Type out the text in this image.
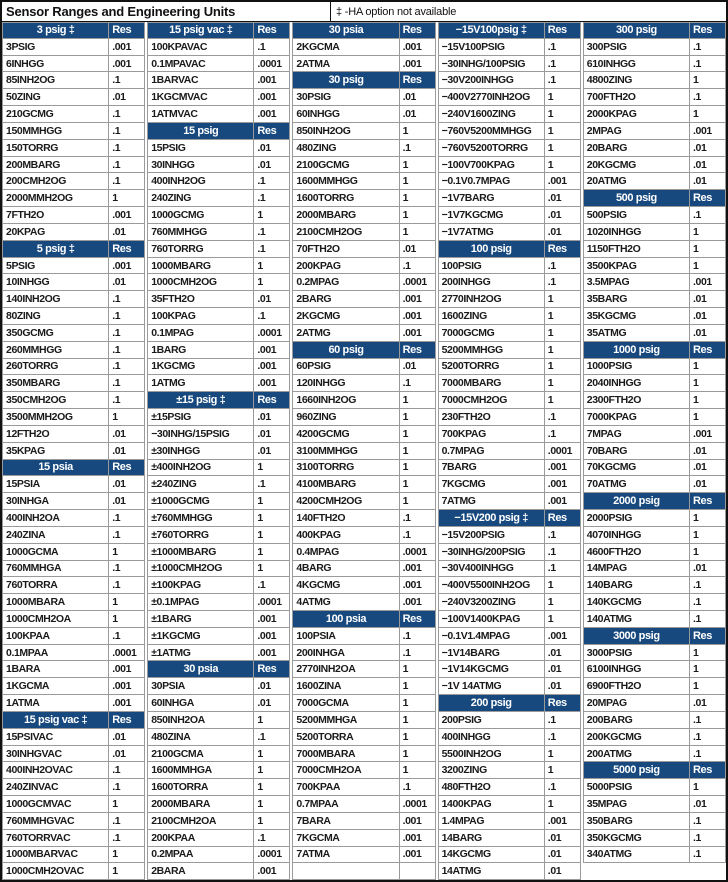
Sensor Ranges and Engineering Units	‡ -HA option not available
3 psig ‡	Res
3PSIG	.001
6INHGG	.001
85INH2OG	.1
50ZING	.01
210GCMG	.1
150MMHGG	.1
150TORRG	.1
200MBARG	.1
200CMH2OG	.1
2000MMH2OG	1
7FTH2O	.001
20KPAG	.01
5 psig ‡	Res
5PSIG	.001
10INHGG	.01
140INH2OG	.1
80ZING	.1
350GCMG	.1
260MMHGG	.1
260TORRG	.1
350MBARG	.1
350CMH2OG	.1
3500MMH2OG	1
12FTH2O	.01
35KPAG	.01
15 psia	Res
15PSIA	.01
30INHGA	.01
400INH2OA	.1
240ZINA	.1
1000GCMA	1
760MMHGA	.1
760TORRA	.1
1000MBARA	1
1000CMH2OA	1
100KPAA	.1
0.1MPAA	.0001
1BARA	.001
1KGCMA	.001
1ATMA	.001
15 psig vac ‡	Res
15PSIVAC	.01
30INHGVAC	.01
400INH2OVAC	.1
240ZINVAC	.1
1000GCMVAC	1
760MMHGVAC	.1
760TORRVAC	.1
1000MBARVAC	1
1000CMH2OVAC	1
15 psig vac ‡	Res
100KPAVAC	.1
0.1MPAVAC	.0001
1BARVAC	.001
1KGCMVAC	.001
1ATMVAC	.001
15 psig	Res
15PSIG	.01
30INHGG	.01
400INH2OG	.1
240ZING	.1
1000GCMG	1
760MMHGG	.1
760TORRG	.1
1000MBARG	1
1000CMH2OG	1
35FTH2O	.01
100KPAG	.1
0.1MPAG	.0001
1BARG	.001
1KGCMG	.001
1ATMG	.001
±15 psig ‡	Res
±15PSIG	.01
−30INHG/15PSIG	.01
±30INHGG	.01
±400INH2OG	1
±240ZING	.1
±1000GCMG	1
±760MMHGG	1
±760TORRG	1
±1000MBARG	1
±1000CMH2OG	1
±100KPAG	.1
±0.1MPAG	.0001
±1BARG	.001
±1KGCMG	.001
±1ATMG	.001
30 psia	Res
30PSIA	.01
60INHGA	.01
850INH2OA	1
480ZINA	.1
2100GCMA	1
1600MMHGA	1
1600TORRA	1
2000MBARA	1
2100CMH2OA	1
200KPAA	.1
0.2MPAA	.0001
2BARA	.001
30 psia	Res
2KGCMA	.001
2ATMA	.001
30 psig	Res
30PSIG	.01
60INHGG	.01
850INH2OG	1
480ZING	.1
2100GCMG	1
1600MMHGG	1
1600TORRG	1
2000MBARG	1
2100CMH2OG	1
70FTH2O	.01
200KPAG	.1
0.2MPAG	.0001
2BARG	.001
2KGCMG	.001
2ATMG	.001
60 psig	Res
60PSIG	.01
120INHGG	.1
1660INH2OG	1
960ZING	1
4200GCMG	1
3100MMHGG	1
3100TORRG	1
4100MBARG	1
4200CMH2OG	1
140FTH2O	.1
400KPAG	.1
0.4MPAG	.0001
4BARG	.001
4KGCMG	.001
4ATMG	.001
100 psia	Res
100PSIA	.1
200INHGA	.1
2770INH2OA	1
1600ZINA	1
7000GCMA	1
5200MMHGA	1
5200TORRA	1
7000MBARA	1
7000CMH2OA	1
700KPAA	.1
0.7MPAA	.0001
7BARA	.001
7KGCMA	.001
7ATMA	.001
−15V100psig ‡	Res
−15V100PSIG	.1
−30INHG/100PSIG	.1
−30V200INHGG	.1
−400V2770INH2OG	1
−240V1600ZING	1
−760V5200MMHGG	1
−760V5200TORRG	1
−100V700KPAG	1
−0.1V0.7MPAG	.001
−1V7BARG	.01
−1V7KGCMG	.01
−1V7ATMG	.01
100 psig	Res
100PSIG	.1
200INHGG	.1
2770INH2OG	1
1600ZING	1
7000GCMG	1
5200MMHGG	1
5200TORRG	1
7000MBARG	1
7000CMH2OG	1
230FTH2O	.1
700KPAG	.1
0.7MPAG	.0001
7BARG	.001
7KGCMG	.001
7ATMG	.001
−15V200 psig ‡	Res
−15V200PSIG	.1
−30INHG/200PSIG	.1
−30V400INHGG	.1
−400V5500INH2OG	1
−240V3200ZING	1
−100V1400KPAG	1
−0.1V1.4MPAG	.001
−1V14BARG	.01
−1V14KGCMG	.01
−1V 14ATMG	.01
200 psig	Res
200PSIG	.1
400INHGG	.1
5500INH2OG	1
3200ZING	1
480FTH2O	.1
1400KPAG	1
1.4MPAG	.001
14BARG	.01
14KGCMG	.01
14ATMG	.01
300 psig	Res
300PSIG	.1
610INHGG	.1
4800ZING	1
700FTH2O	.1
2000KPAG	1
2MPAG	.001
20BARG	.01
20KGCMG	.01
20ATMG	.01
500 psig	Res
500PSIG	.1
1020INHGG	1
1150FTH2O	1
3500KPAG	1
3.5MPAG	.001
35BARG	.01
35KGCMG	.01
35ATMG	.01
1000 psig	Res
1000PSIG	1
2040INHGG	1
2300FTH2O	1
7000KPAG	1
7MPAG	.001
70BARG	.01
70KGCMG	.01
70ATMG	.01
2000 psig	Res
2000PSIG	1
4070INHGG	1
4600FTH2O	1
14MPAG	.01
140BARG	.1
140KGCMG	.1
140ATMG	.1
3000 psig	Res
3000PSIG	1
6100INHGG	1
6900FTH2O	1
20MPAG	.01
200BARG	.1
200KGCMG	.1
200ATMG	.1
5000 psig	Res
5000PSIG	1
35MPAG	.01
350BARG	.1
350KGCMG	.1
340ATMG	.1
